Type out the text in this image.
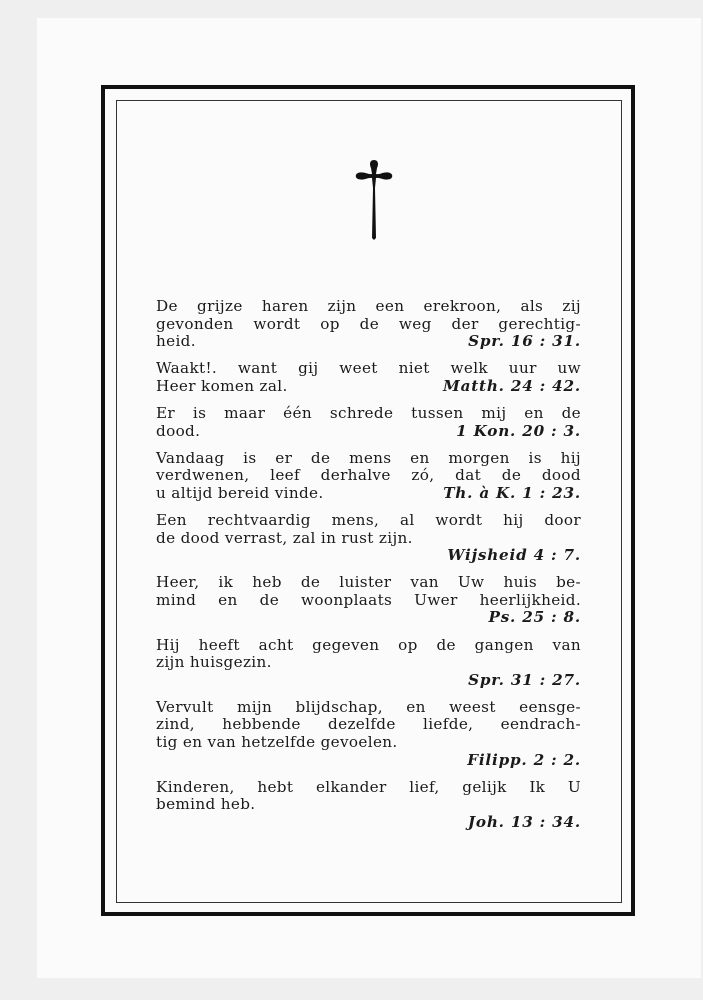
De grijze haren zijn een erekroon, als zij
gevonden wordt op de weg der gerechtig-
heid.	Spr. 16 : 31.
Waakt!. want gij weet niet welk uur uw
Heer komen zal.	Matth. 24 : 42.
Er is maar één schrede tussen mij en de
dood.	1 Kon. 20 : 3.
Vandaag is er de mens en morgen is hij
verdwenen, leef derhalve zó, dat de dood
u altijd bereid vinde.	Th. à K. 1 : 23.
Een rechtvaardig mens, al wordt hij door
de dood verrast, zal in rust zijn.
Wijsheid 4 : 7.
Heer, ik heb de luister van Uw huis be-
mind en de woonplaats Uwer heerlijkheid.
Ps. 25 : 8.
Hij heeft acht gegeven op de gangen van
zijn huisgezin.
Spr. 31 : 27.
Vervult mijn blijdschap, en weest eensge-
zind, hebbende dezelfde liefde, eendrach-
tig en van hetzelfde gevoelen.
Filipp. 2 : 2.
Kinderen, hebt elkander lief, gelijk Ik U
bemind heb.
Joh. 13 : 34.
